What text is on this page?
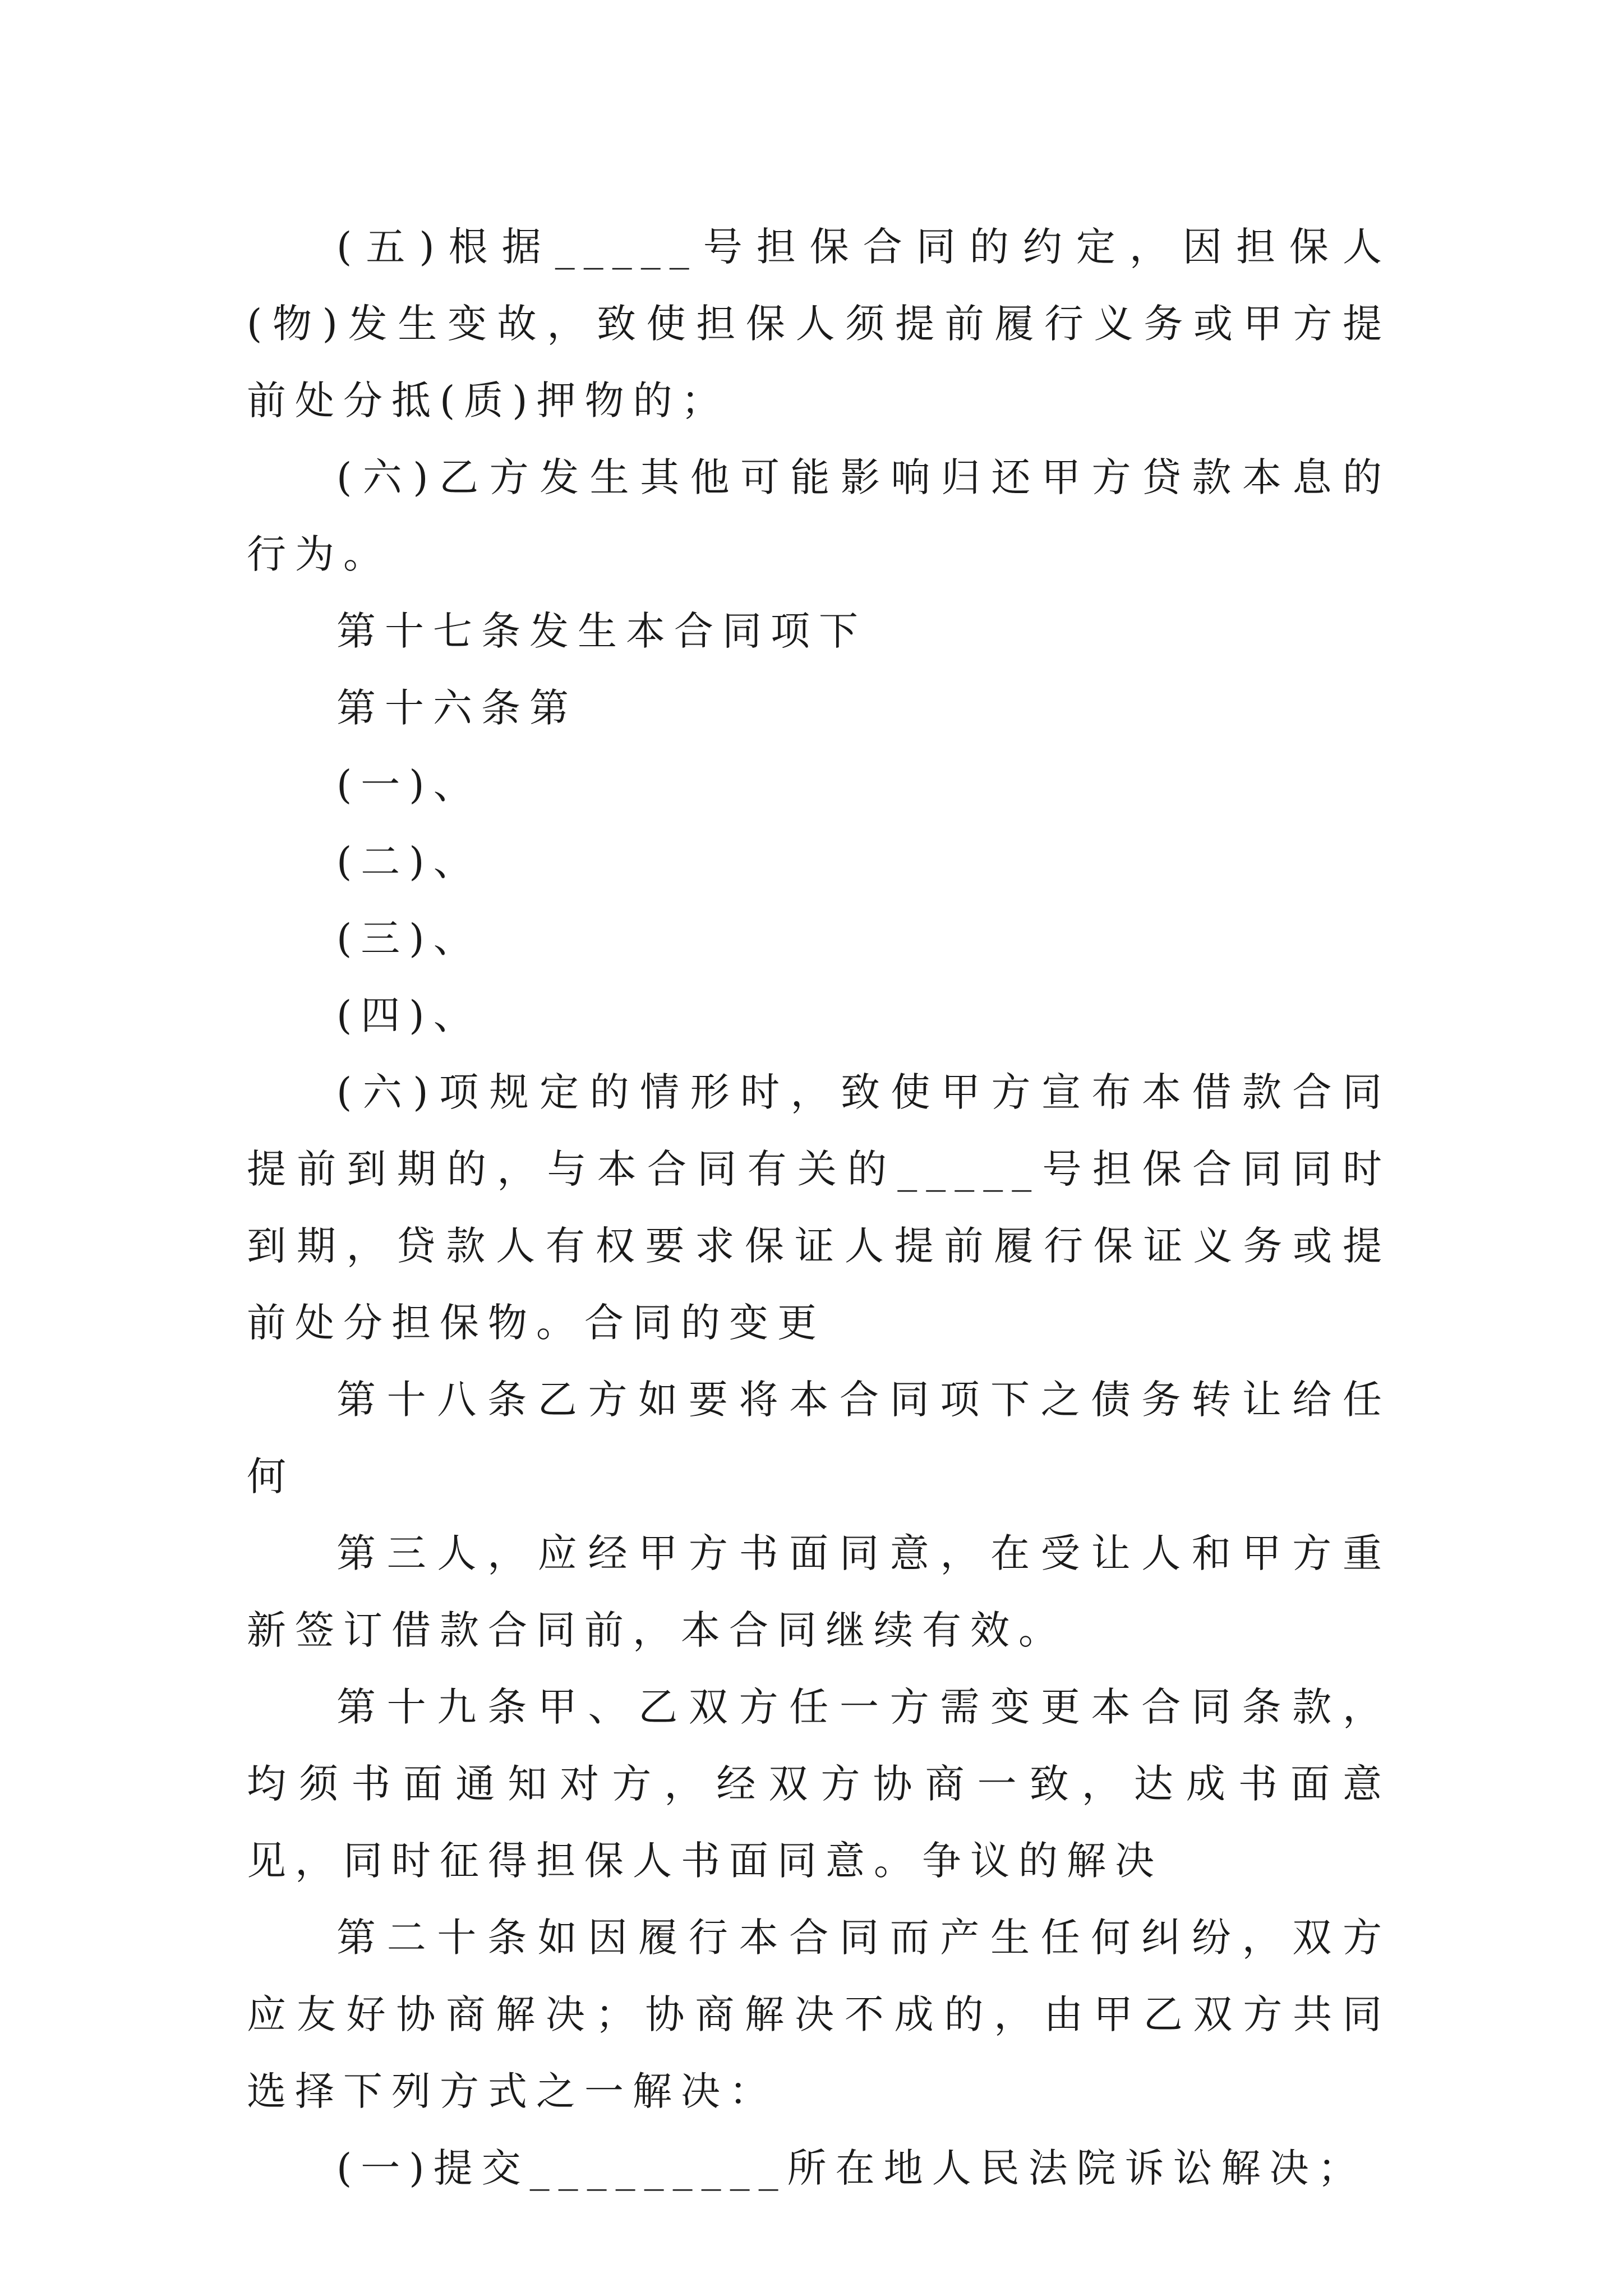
(五)根据_____号担保合同的约定，因担保人(物)发生变故，致使担保人须提前履行义务或甲方提前处分抵(质)押物的；

(六)乙方发生其他可能影响归还甲方贷款本息的行为。

第十七条发生本合同项下

第十六条第

(一)、

(二)、

(三)、

(四)、

(六)项规定的情形时，致使甲方宣布本借款合同提前到期的，与本合同有关的_____号担保合同同时到期，贷款人有权要求保证人提前履行保证义务或提前处分担保物。合同的变更

第十八条乙方如要将本合同项下之债务转让给任何

第三人，应经甲方书面同意，在受让人和甲方重新签订借款合同前，本合同继续有效。

第十九条甲、乙双方任一方需变更本合同条款，均须书面通知对方，经双方协商一致，达成书面意见，同时征得担保人书面同意。争议的解决

第二十条如因履行本合同而产生任何纠纷，双方应友好协商解决；协商解决不成的，由甲乙双方共同选择下列方式之一解决：

(一)提交_________所在地人民法院诉讼解决；
